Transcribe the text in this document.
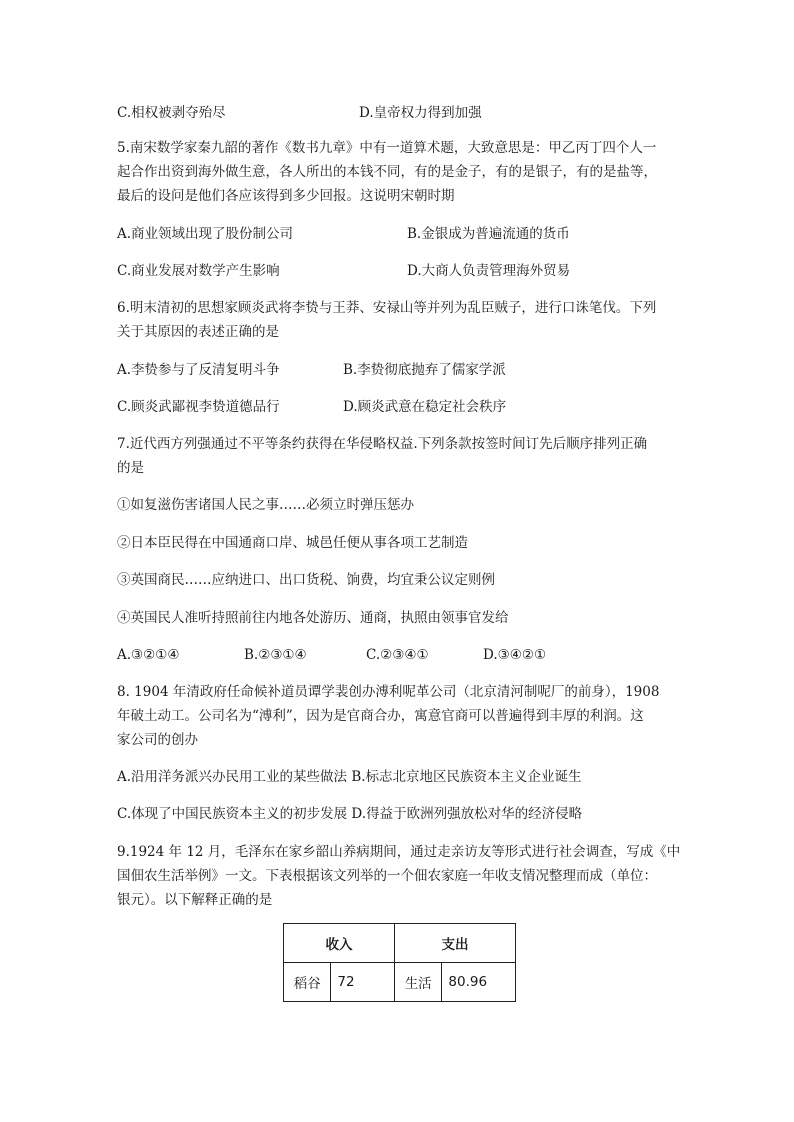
C.相权被剥夺殆尽	D.皇帝权力得到加强
5.南宋数学家秦九韶的著作《数书九章》中有一道算术题，大致意思是：甲乙丙丁四个人一
起合作出资到海外做生意，各人所出的本钱不同，有的是金子，有的是银子，有的是盐等，
最后的设问是他们各应该得到多少回报。这说明宋朝时期
A.商业领域出现了股份制公司	B.金银成为普遍流通的货币
C.商业发展对数学产生影响	D.大商人负责管理海外贸易
6.明末清初的思想家顾炎武将李贽与王莽、安禄山等并列为乱臣贼子，进行口诛笔伐。下列
关于其原因的表述正确的是
A.李贽参与了反清复明斗争	B.李贽彻底抛弃了儒家学派
C.顾炎武鄙视李贽道德品行	D.顾炎武意在稳定社会秩序
7.近代西方列强通过不平等条约获得在华侵略权益.下列条款按签时间订先后顺序排列正确
的是
①如复滋伤害诸国人民之事……必须立时弹压惩办
②日本臣民得在中国通商口岸、城邑任便从事各项工艺制造
③英国商民……应纳进口、出口货税、饷费，均宜秉公议定则例
④英国民人准听持照前往内地各处游历、通商，执照由领事官发给
A.③②①④	B.②③①④	C.②③④①	D.③④②①
8. 1904 年清政府任命候补道员谭学裴创办溥利呢革公司（北京清河制呢厂的前身），1908
年破土动工。公司名为“溥利”，因为是官商合办，寓意官商可以普遍得到丰厚的利润。这
家公司的创办
A.沿用洋务派兴办民用工业的某些做法 B.标志北京地区民族资本主义企业诞生
C.体现了中国民族资本主义的初步发展 D.得益于欧洲列强放松对华的经济侵略
9.1924 年 12 月，毛泽东在家乡韶山养病期间，通过走亲访友等形式进行社会调查，写成《中
国佃农生活举例》一文。下表根据该文列举的一个佃农家庭一年收支情况整理而成（单位：
银元）。以下解释正确的是
收入		支出	
稻谷	72	生活	80.96
